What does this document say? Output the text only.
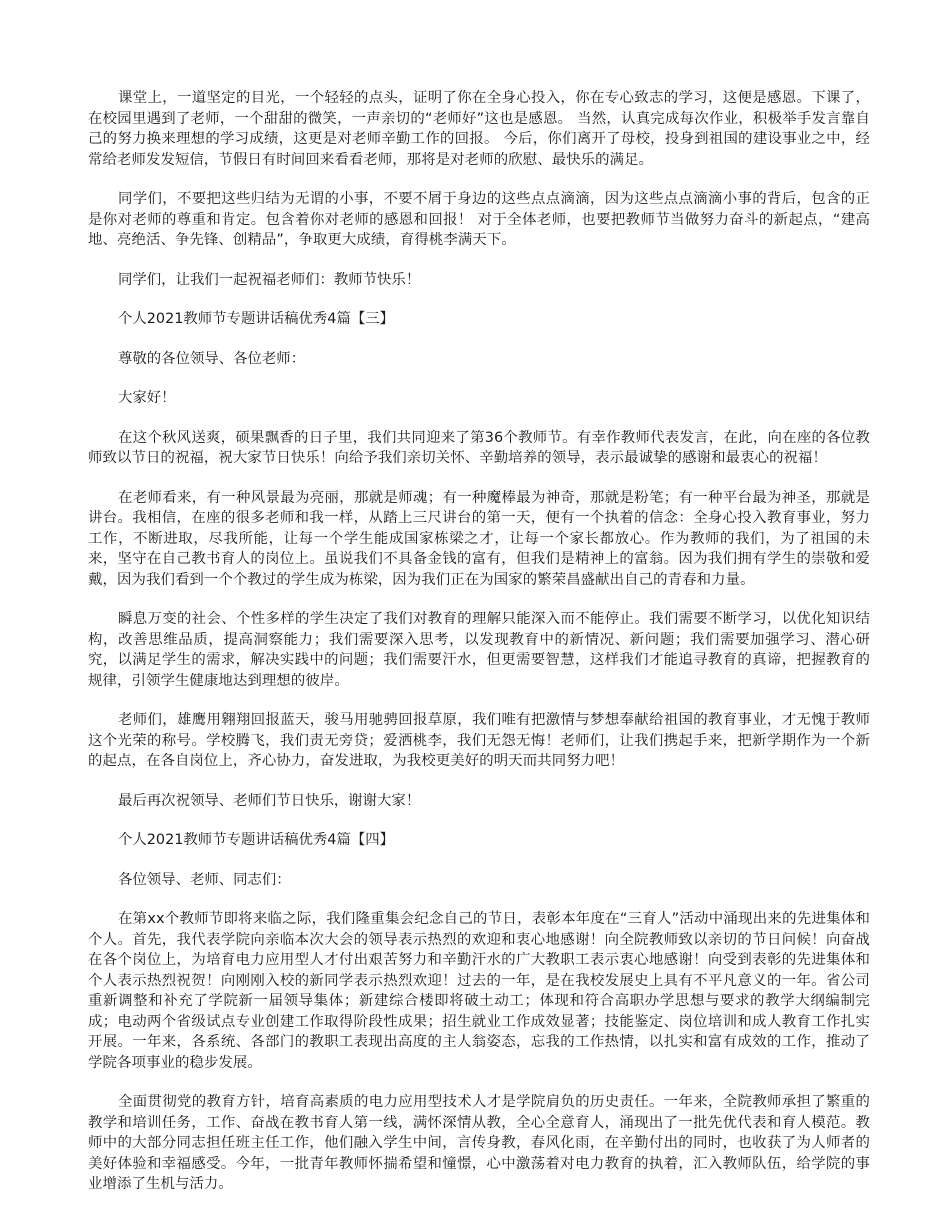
课堂上，一道坚定的目光，一个轻轻的点头，证明了你在全身心投入，你在专心致志的学习，这便是感恩。下课了，在校园里遇到了老师，一个甜甜的微笑，一声亲切的“老师好”这也是感恩。 当然，认真完成每次作业，积极举手发言靠自己的努力换来理想的学习成绩，这更是对老师辛勤工作的回报。 今后，你们离开了母校，投身到祖国的建设事业之中，经常给老师发发短信，节假日有时间回来看看老师，那将是对老师的欣慰、最快乐的满足。

同学们，不要把这些归结为无谓的小事，不要不屑于身边的这些点点滴滴，因为这些点点滴滴小事的背后，包含的正是你对老师的尊重和肯定。包含着你对老师的感恩和回报！ 对于全体老师，也要把教师节当做努力奋斗的新起点，“建高地、亮绝活、争先锋、创精品”，争取更大成绩，育得桃李满天下。

同学们，让我们一起祝福老师们：教师节快乐！

个人2021教师节专题讲话稿优秀4篇【三】

尊敬的各位领导、各位老师：

大家好！

在这个秋风送爽，硕果飘香的日子里，我们共同迎来了第36个教师节。有幸作教师代表发言，在此，向在座的各位教师致以节日的祝福，祝大家节日快乐！向给予我们亲切关怀、辛勤培养的领导，表示最诚挚的感谢和最衷心的祝福！

在老师看来，有一种风景最为亮丽，那就是师魂；有一种魔棒最为神奇，那就是粉笔；有一种平台最为神圣，那就是讲台。我相信，在座的很多老师和我一样，从踏上三尺讲台的第一天，便有一个执着的信念：全身心投入教育事业，努力工作，不断进取，尽我所能，让每一个学生能成国家栋梁之才，让每一个家长都放心。作为教师的我们，为了祖国的未来，坚守在自己教书育人的岗位上。虽说我们不具备金钱的富有，但我们是精神上的富翁。因为我们拥有学生的崇敬和爱戴，因为我们看到一个个教过的学生成为栋梁，因为我们正在为国家的繁荣昌盛献出自己的青春和力量。

瞬息万变的社会、个性多样的学生决定了我们对教育的理解只能深入而不能停止。我们需要不断学习，以优化知识结构，改善思维品质，提高洞察能力；我们需要深入思考，以发现教育中的新情况、新问题；我们需要加强学习、潜心研究，以满足学生的需求，解决实践中的问题；我们需要汗水，但更需要智慧，这样我们才能追寻教育的真谛，把握教育的规律，引领学生健康地达到理想的彼岸。

老师们，雄鹰用翱翔回报蓝天，骏马用驰骋回报草原，我们唯有把激情与梦想奉献给祖国的教育事业，才无愧于教师这个光荣的称号。学校腾飞，我们责无旁贷；爱洒桃李，我们无怨无悔！老师们，让我们携起手来，把新学期作为一个新的起点，在各自岗位上，齐心协力，奋发进取，为我校更美好的明天而共同努力吧！

最后再次祝领导、老师们节日快乐，谢谢大家！

个人2021教师节专题讲话稿优秀4篇【四】

各位领导、老师、同志们：

在第xx个教师节即将来临之际，我们隆重集会纪念自己的节日，表彰本年度在“三育人”活动中涌现出来的先进集体和个人。首先，我代表学院向亲临本次大会的领导表示热烈的欢迎和衷心地感谢！向全院教师致以亲切的节日问候！向奋战在各个岗位上，为培育电力应用型人才付出艰苦努力和辛勤汗水的广大教职工表示衷心地感谢！向受到表彰的先进集体和个人表示热烈祝贺！向刚刚入校的新同学表示热烈欢迎！过去的一年，是在我校发展史上具有不平凡意义的一年。省公司重新调整和补充了学院新一届领导集体；新建综合楼即将破土动工；体现和符合高职办学思想与要求的教学大纲编制完成；电动两个省级试点专业创建工作取得阶段性成果；招生就业工作成效显著；技能鉴定、岗位培训和成人教育工作扎实开展。一年来，各系统、各部门的教职工表现出高度的主人翁姿态，忘我的工作热情，以扎实和富有成效的工作，推动了学院各项事业的稳步发展。

全面贯彻党的教育方针，培育高素质的电力应用型技术人才是学院肩负的历史责任。一年来，全院教师承担了繁重的教学和培训任务，工作、奋战在教书育人第一线，满怀深情从教，全心全意育人，涌现出了一批先优代表和育人模范。教师中的大部分同志担任班主任工作，他们融入学生中间，言传身教，春风化雨，在辛勤付出的同时，也收获了为人师者的美好体验和幸福感受。今年，一批青年教师怀揣希望和憧憬，心中激荡着对电力教育的执着，汇入教师队伍，给学院的事业增添了生机与活力。
